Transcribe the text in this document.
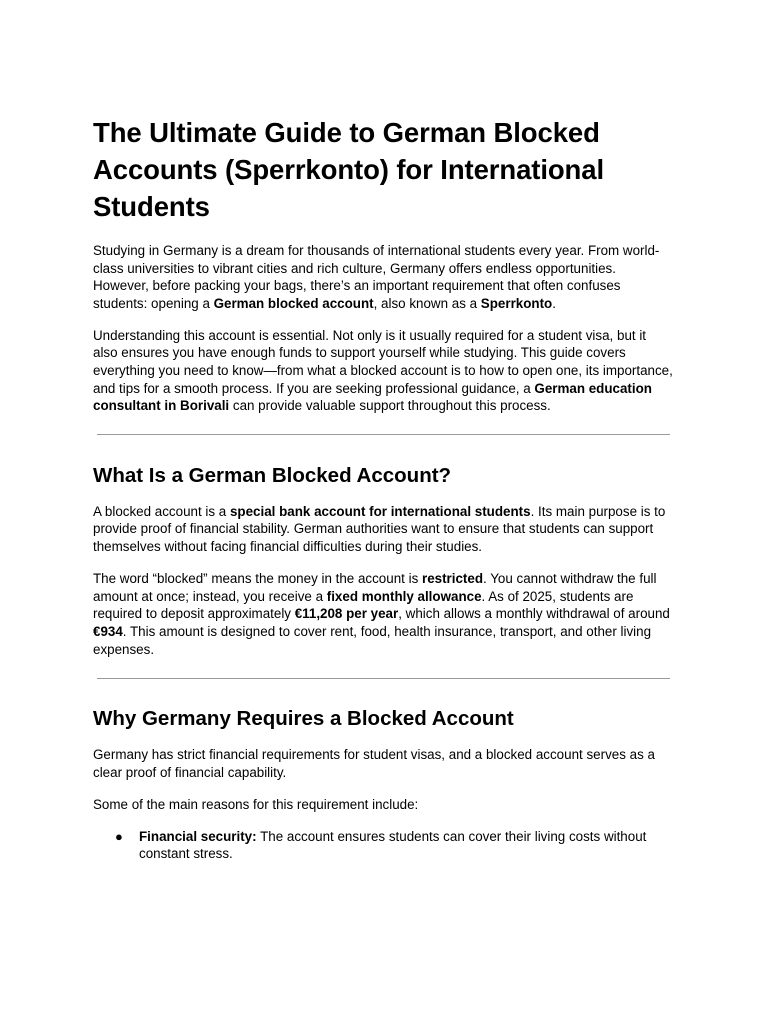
The Ultimate Guide to German Blocked Accounts (Sperrkonto) for International Students

Studying in Germany is a dream for thousands of international students every year. From world-class universities to vibrant cities and rich culture, Germany offers endless opportunities. However, before packing your bags, there’s an important requirement that often confuses students: opening a German blocked account, also known as a Sperrkonto.

Understanding this account is essential. Not only is it usually required for a student visa, but it also ensures you have enough funds to support yourself while studying. This guide covers everything you need to know—from what a blocked account is to how to open one, its importance, and tips for a smooth process. If you are seeking professional guidance, a German education consultant in Borivali can provide valuable support throughout this process.

What Is a German Blocked Account?

A blocked account is a special bank account for international students. Its main purpose is to provide proof of financial stability. German authorities want to ensure that students can support themselves without facing financial difficulties during their studies.

The word “blocked” means the money in the account is restricted. You cannot withdraw the full amount at once; instead, you receive a fixed monthly allowance. As of 2025, students are required to deposit approximately €11,208 per year, which allows a monthly withdrawal of around €934. This amount is designed to cover rent, food, health insurance, transport, and other living expenses.

Why Germany Requires a Blocked Account

Germany has strict financial requirements for student visas, and a blocked account serves as a clear proof of financial capability.

Some of the main reasons for this requirement include:

● Financial security: The account ensures students can cover their living costs without constant stress.
